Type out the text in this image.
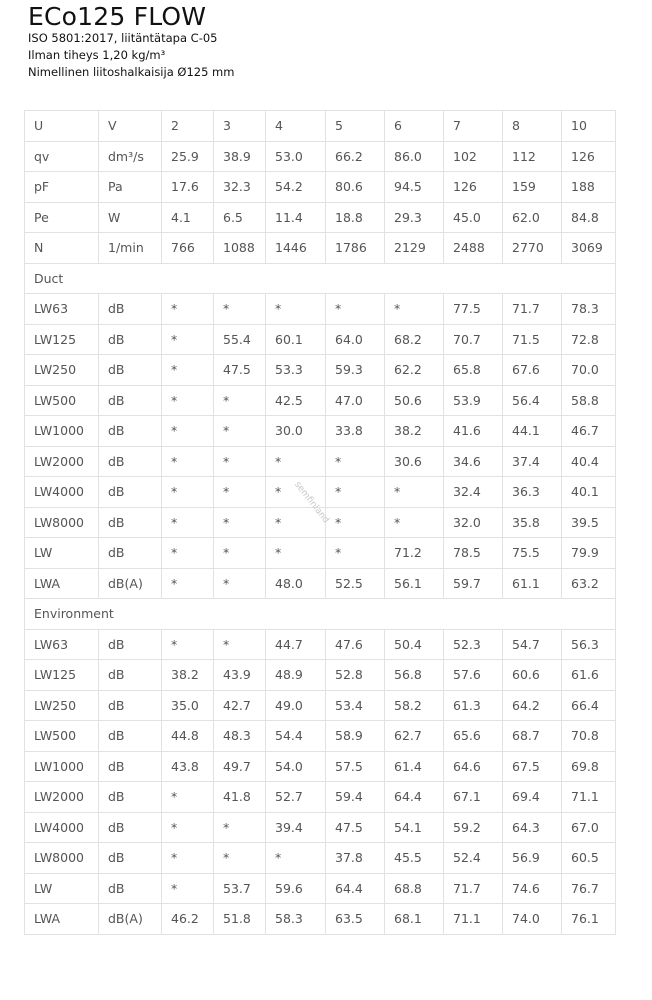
ECo125 FLOW
ISO 5801:2017, liitäntätapa C-05
Ilman tiheys 1,20 kg/m³
Nimellinen liitoshalkaisija Ø125 mm
U	V	2	3	4	5	6	7	8	10
qv	dm³/s	25.9	38.9	53.0	66.2	86.0	102	112	126
pF	Pa	17.6	32.3	54.2	80.6	94.5	126	159	188
Pe	W	4.1	6.5	11.4	18.8	29.3	45.0	62.0	84.8
N	1/min	766	1088	1446	1786	2129	2488	2770	3069
Duct									
LW63	dB	*	*	*	*	*	77.5	71.7	78.3
LW125	dB	*	55.4	60.1	64.0	68.2	70.7	71.5	72.8
LW250	dB	*	47.5	53.3	59.3	62.2	65.8	67.6	70.0
LW500	dB	*	*	42.5	47.0	50.6	53.9	56.4	58.8
LW1000	dB	*	*	30.0	33.8	38.2	41.6	44.1	46.7
LW2000	dB	*	*	*	*	30.6	34.6	37.4	40.4
LW4000	dB	*	*	*	*	*	32.4	36.3	40.1
LW8000	dB	*	*	*	*	*	32.0	35.8	39.5
LW	dB	*	*	*	*	71.2	78.5	75.5	79.9
LWA	dB(A)	*	*	48.0	52.5	56.1	59.7	61.1	63.2
Environment									
LW63	dB	*	*	44.7	47.6	50.4	52.3	54.7	56.3
LW125	dB	38.2	43.9	48.9	52.8	56.8	57.6	60.6	61.6
LW250	dB	35.0	42.7	49.0	53.4	58.2	61.3	64.2	66.4
LW500	dB	44.8	48.3	54.4	58.9	62.7	65.6	68.7	70.8
LW1000	dB	43.8	49.7	54.0	57.5	61.4	64.6	67.5	69.8
LW2000	dB	*	41.8	52.7	59.4	64.4	67.1	69.4	71.1
LW4000	dB	*	*	39.4	47.5	54.1	59.2	64.3	67.0
LW8000	dB	*	*	*	37.8	45.5	52.4	56.9	60.5
LW	dB	*	53.7	59.6	64.4	68.8	71.7	74.6	76.7
LWA	dB(A)	46.2	51.8	58.3	63.5	68.1	71.1	74.0	76.1
semfinland
